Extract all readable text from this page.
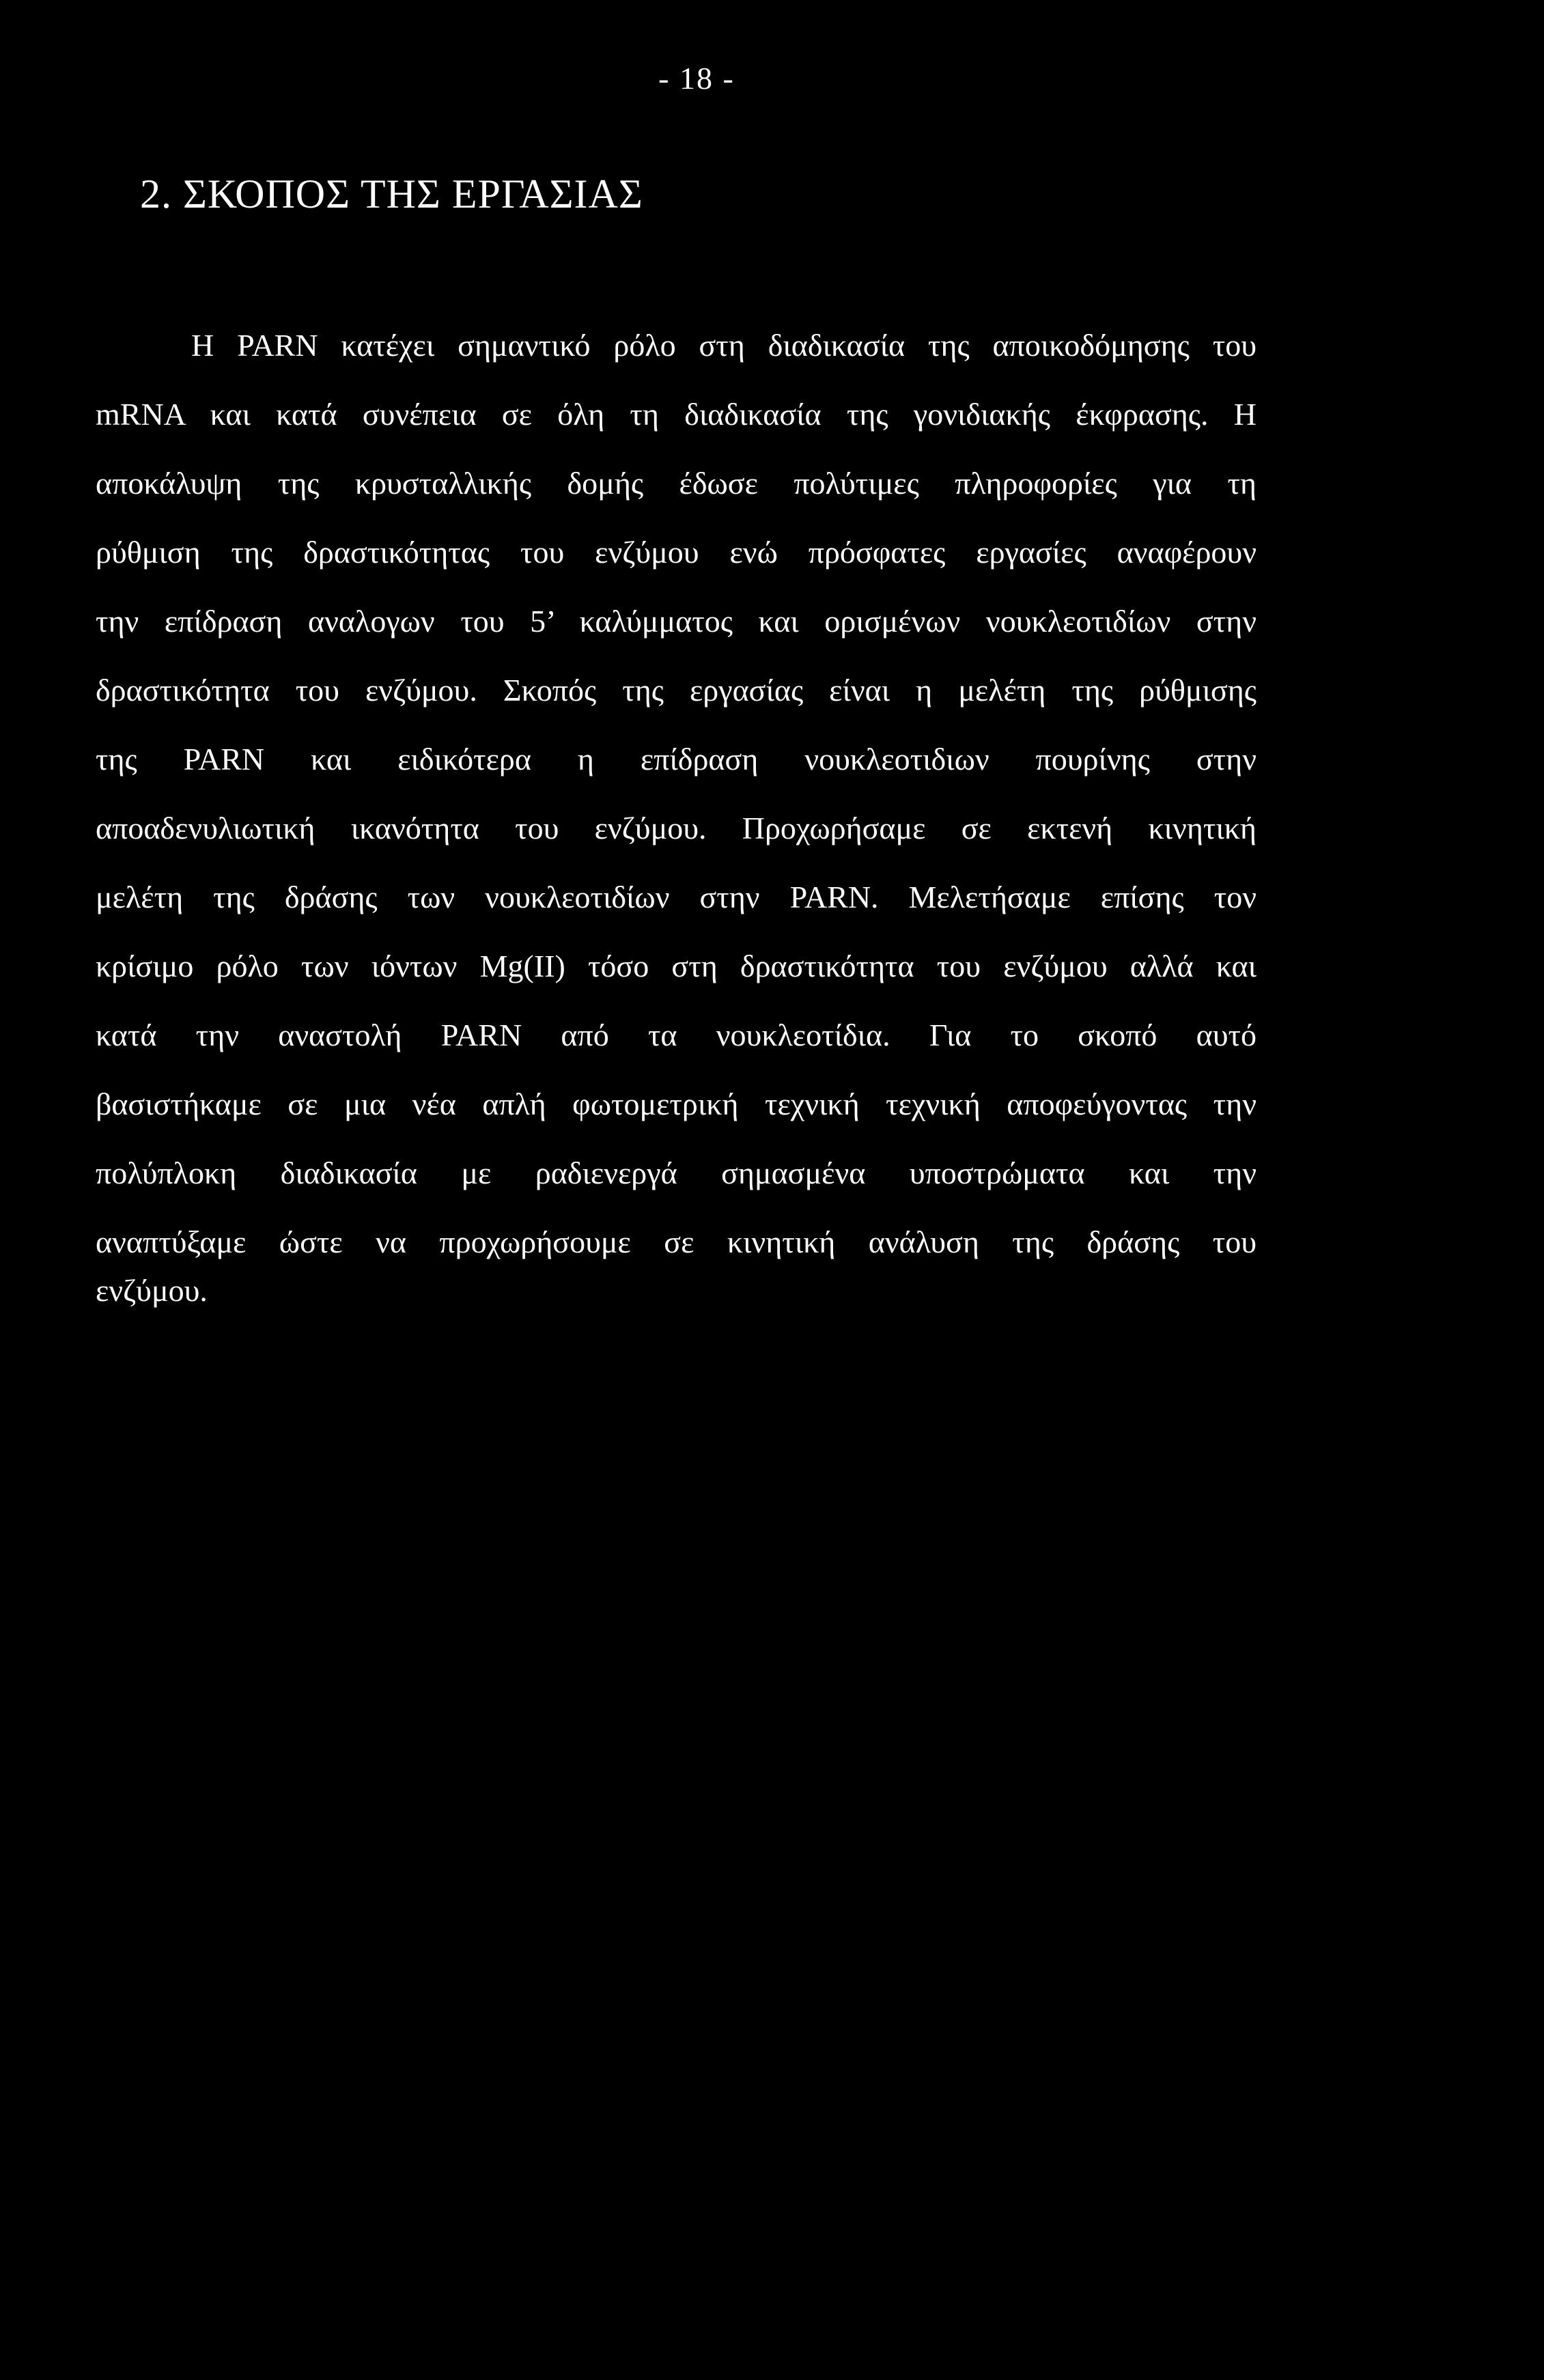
- 18 -
2. ΣΚΟΠΟΣ ΤΗΣ ΕΡΓΑΣΙΑΣ
Η PARN κατέχει σημαντικό ρόλο στη διαδικασία της αποικοδόμησης του
mRNA και κατά συνέπεια σε όλη τη διαδικασία της γονιδιακής έκφρασης. Η
αποκάλυψη της κρυσταλλικής δομής έδωσε πολύτιμες πληροφορίες για τη
ρύθμιση της δραστικότητας του ενζύμου ενώ πρόσφατες εργασίες αναφέρουν
την επίδραση αναλογων του 5’ καλύμματος και ορισμένων νουκλεοτιδίων στην
δραστικότητα του ενζύμου. Σκοπός της εργασίας είναι η μελέτη της ρύθμισης
της PARN και ειδικότερα η επίδραση νουκλεοτιδιων πουρίνης στην
αποαδενυλιωτική ικανότητα του ενζύμου. Προχωρήσαμε σε εκτενή κινητική
μελέτη της δράσης των νουκλεοτιδίων στην PARN. Μελετήσαμε επίσης τον
κρίσιμο ρόλο των ιόντων Mg(II) τόσο στη δραστικότητα του ενζύμου αλλά και
κατά την αναστολή PARN από τα νουκλεοτίδια. Για το σκοπό αυτό
βασιστήκαμε σε μια νέα απλή φωτομετρική τεχνική τεχνική αποφεύγοντας την
πολύπλοκη διαδικασία με ραδιενεργά σημασμένα υποστρώματα και την
αναπτύξαμε ώστε να προχωρήσουμε σε κινητική ανάλυση της δράσης του
ενζύμου.
